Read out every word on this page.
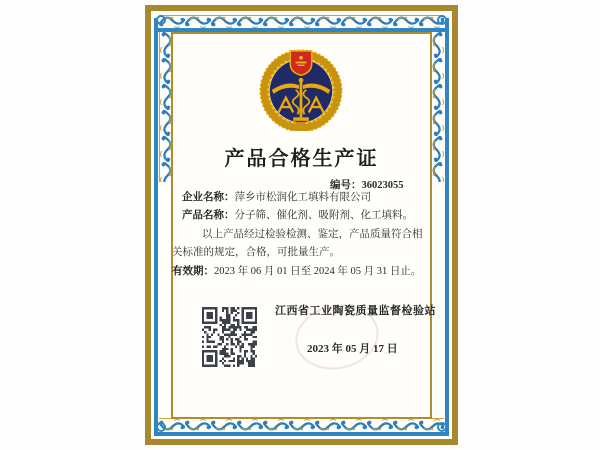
产品合格生产证
编号：36023055

企业名称：萍乡市松润化工填料有限公司

产品名称：分子筛、催化剂、吸附剂、化工填料。

以上产品经过检验检测、鉴定，产品质量符合相

关标准的规定，合格，可批量生产。

有效期：2023 年 06 月 01 日至 2024 年 05 月 31 日止。

江西省工业陶瓷质量监督检验站
2023 年 05 月 17 日
